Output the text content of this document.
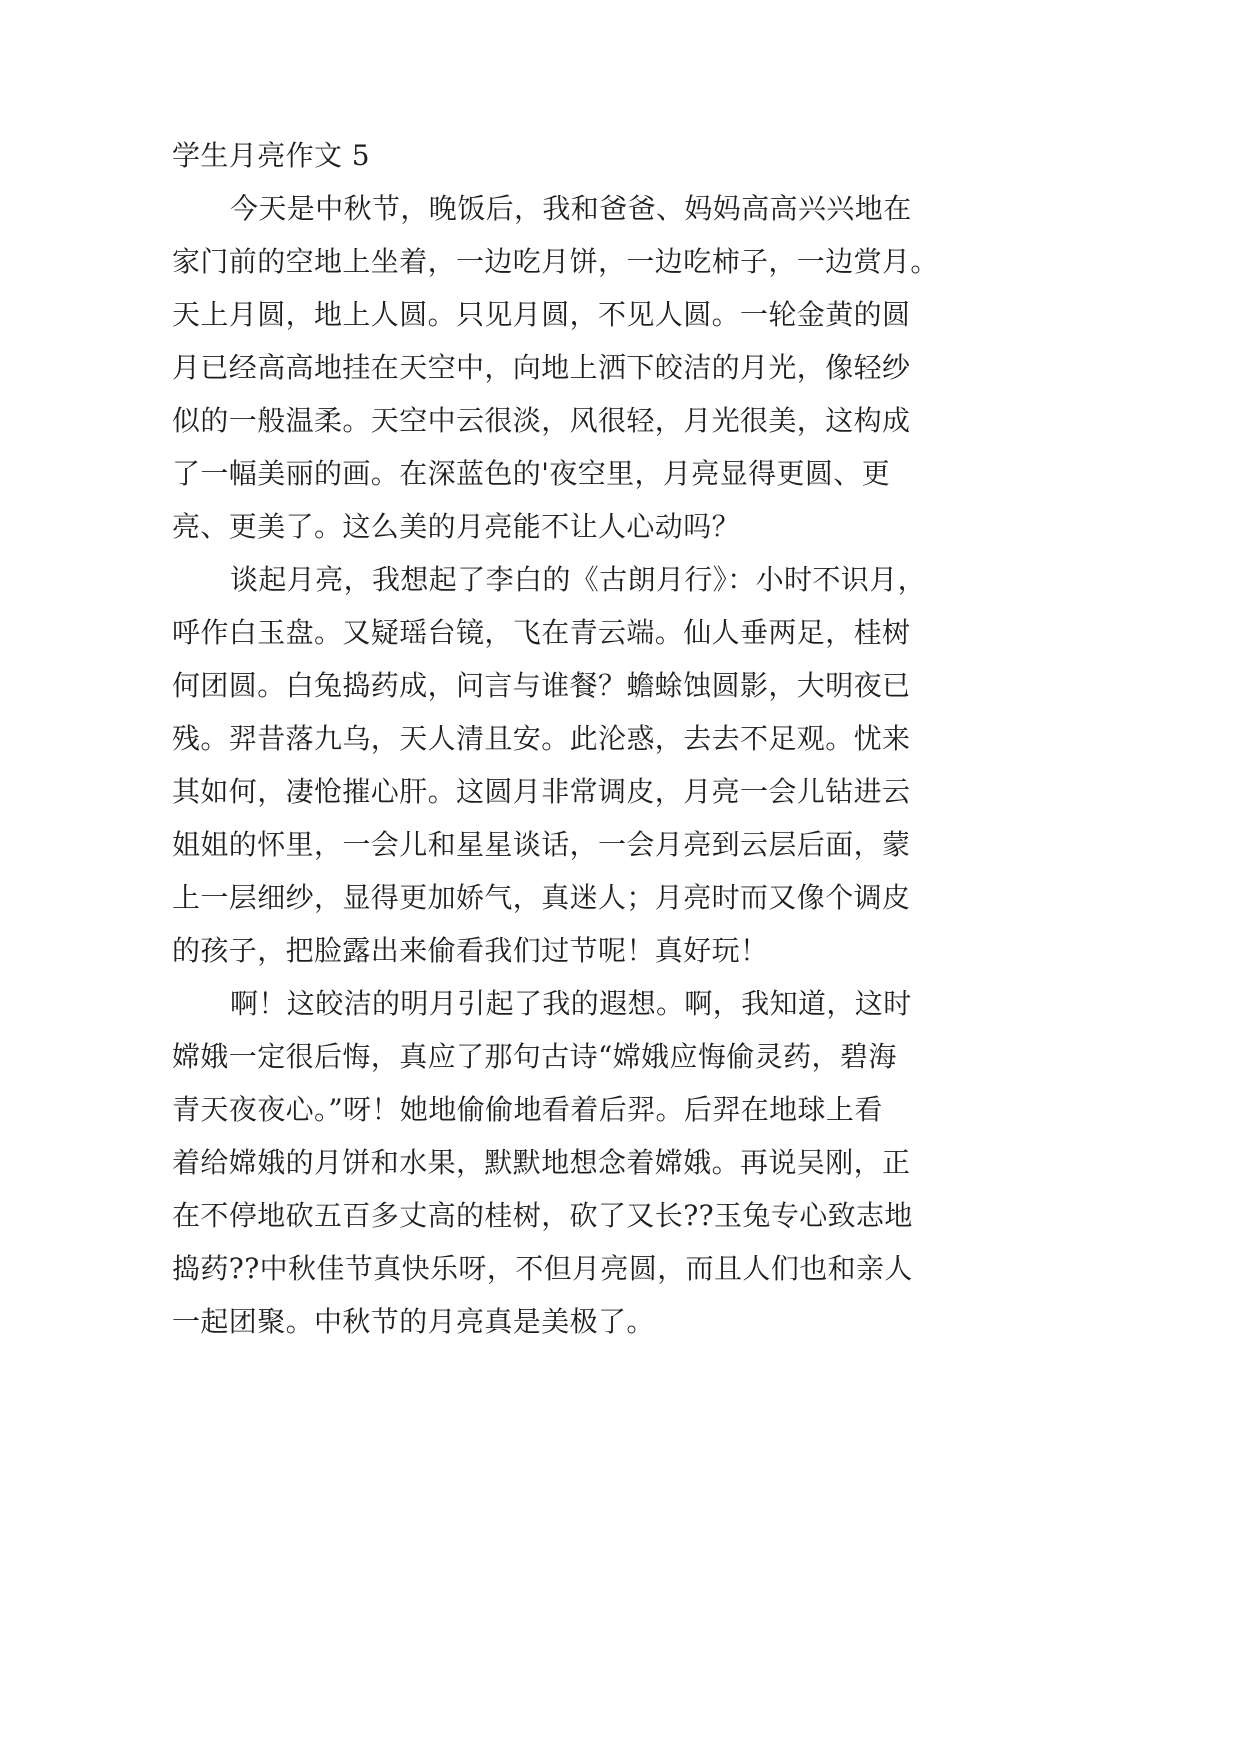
学生月亮作文 5
今天是中秋节，晚饭后，我和爸爸、妈妈高高兴兴地在
家门前的空地上坐着，一边吃月饼，一边吃柿子，一边赏月。
天上月圆，地上人圆。只见月圆，不见人圆。一轮金黄的圆
月已经高高地挂在天空中，向地上洒下皎洁的月光，像轻纱
似的一般温柔。天空中云很淡，风很轻，月光很美，这构成
了一幅美丽的画。在深蓝色的'夜空里，月亮显得更圆、更
亮、更美了。这么美的月亮能不让人心动吗？
谈起月亮，我想起了李白的《古朗月行》：小时不识月，
呼作白玉盘。又疑瑶台镜，飞在青云端。仙人垂两足，桂树
何团圆。白兔捣药成，问言与谁餐？蟾蜍蚀圆影，大明夜已
残。羿昔落九乌，天人清且安。此沦惑，去去不足观。忧来
其如何，凄怆摧心肝。这圆月非常调皮，月亮一会儿钻进云
姐姐的怀里，一会儿和星星谈话，一会月亮到云层后面，蒙
上一层细纱，显得更加娇气，真迷人；月亮时而又像个调皮
的孩子，把脸露出来偷看我们过节呢！真好玩！
啊！这皎洁的明月引起了我的遐想。啊，我知道，这时
嫦娥一定很后悔，真应了那句古诗“嫦娥应悔偷灵药，碧海
青天夜夜心。”呀！她地偷偷地看着后羿。后羿在地球上看
着给嫦娥的月饼和水果，默默地想念着嫦娥。再说吴刚，正
在不停地砍五百多丈高的桂树，砍了又长??玉兔专心致志地
捣药??中秋佳节真快乐呀，不但月亮圆，而且人们也和亲人
一起团聚。中秋节的月亮真是美极了。
